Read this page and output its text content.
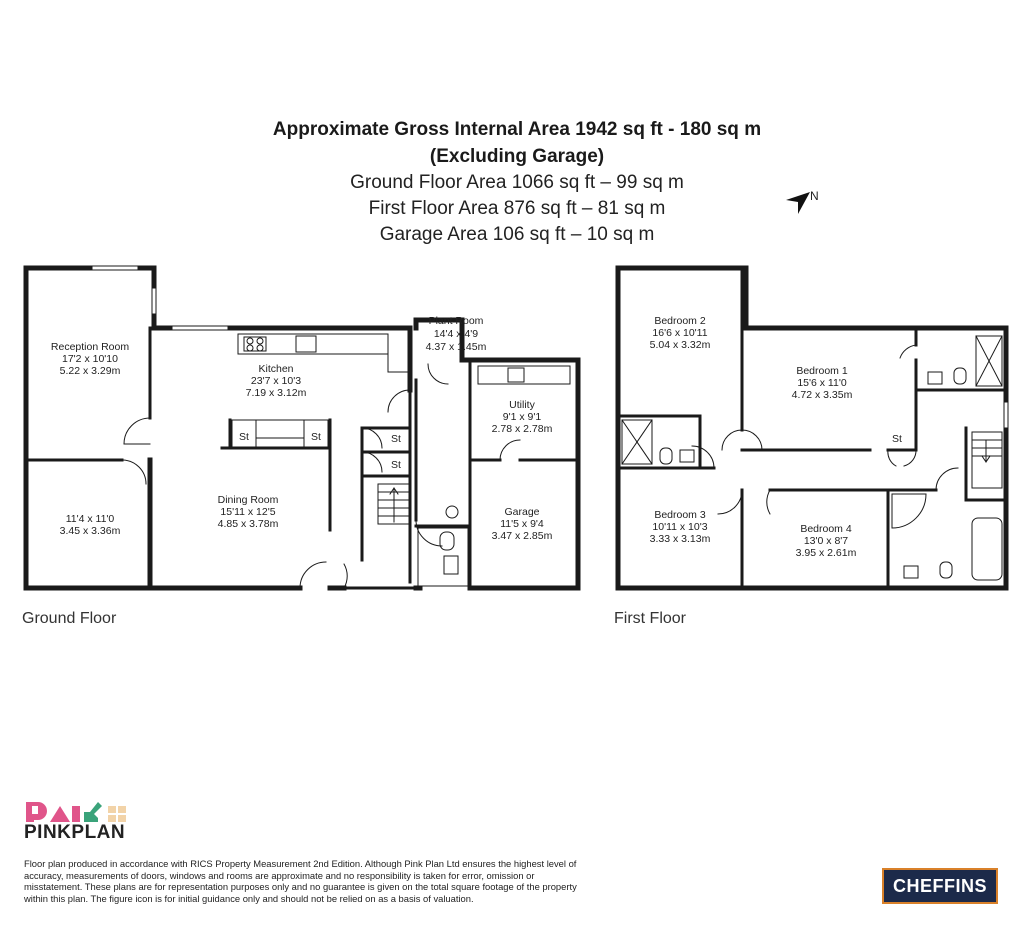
Approximate Gross Internal Area 1942 sq ft - 180 sq m
(Excluding Garage)
Ground Floor Area 1066 sq ft – 99 sq m
First Floor Area 876 sq ft – 81 sq m
Garage Area 106 sq ft – 10 sq m
N
Reception Room
17'2 x 10'10
5.22 x 3.29m
11'4 x 11'0
3.45 x 3.36m
Kitchen
23'7 x 10'3
7.19 x 3.12m
Dining Room
15'11 x 12'5
4.85 x 3.78m
Plant Room
14'4 x 4'9
4.37 x 1.45m
Utility
9'1 x 9'1
2.78 x 2.78m
Garage
11'5 x 9'4
3.47 x 2.85m
St	St	St
St
Bedroom 2
16'6 x 10'11
5.04 x 3.32m
Bedroom 1
15'6 x 11'0
4.72 x 3.35m
Bedroom 3
10'11 x 10'3
3.33 x 3.13m
Bedroom 4
13'0 x 8'7
3.95 x 2.61m
St
Ground Floor	First Floor
PINKPLAN
Floor plan produced in accordance with RICS Property Measurement 2nd Edition. Although Pink Plan Ltd ensures the highest level of accuracy, measurements of doors, windows and rooms are approximate and no responsibility is taken for error, omission or misstatement. These plans are for representation purposes only and no guarantee is given on the total square footage of the property within this plan. The figure icon is for initial guidance only and should not be relied on as a basis of valuation.
CHEFFINS
